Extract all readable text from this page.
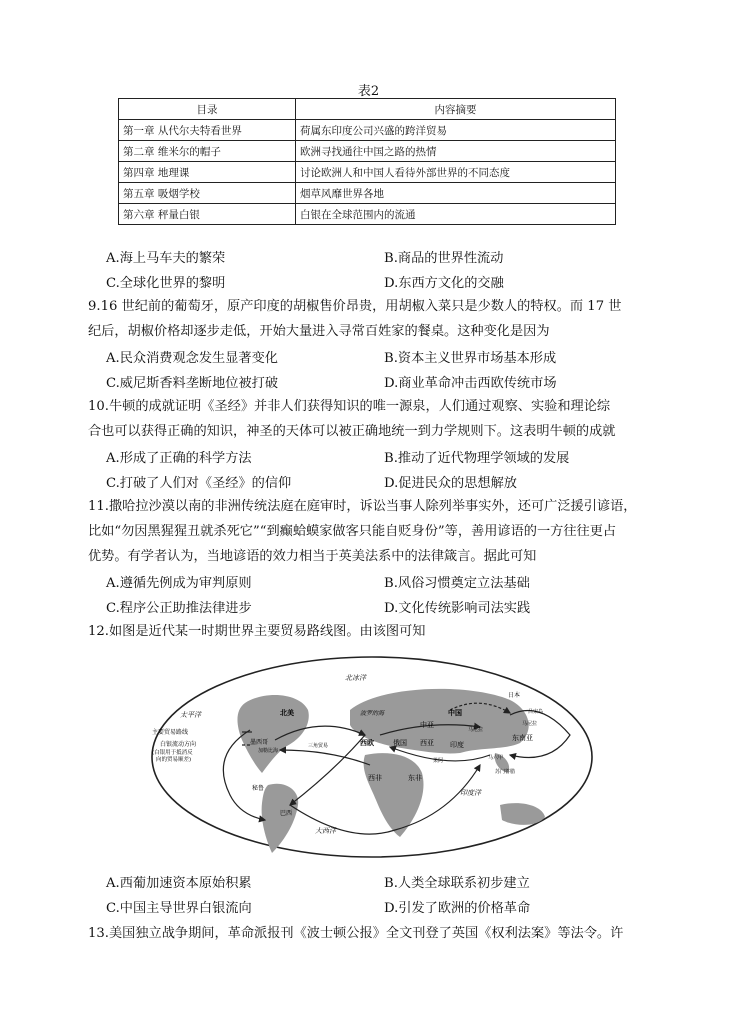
表2
目录	内容摘要
第一章 从代尔夫特看世界	荷属东印度公司兴盛的跨洋贸易
第二章 维米尔的帽子	欧洲寻找通往中国之路的热情
第四章 地理课	讨论欧洲人和中国人看待外部世界的不同态度
第五章 吸烟学校	烟草风靡世界各地
第六章 秤量白银	白银在全球范围内的流通
A.海上马车夫的繁荣	B.商品的世界性流动
C.全球化世界的黎明	D.东西方文化的交融
9.16 世纪前的葡萄牙，原产印度的胡椒售价昂贵，用胡椒入菜只是少数人的特权。而 17 世
纪后，胡椒价格却逐步走低，开始大量进入寻常百姓家的餐桌。这种变化是因为
A.民众消费观念发生显著变化	B.资本主义世界市场基本形成
C.威尼斯香料垄断地位被打破	D.商业革命冲击西欧传统市场
10.牛顿的成就证明《圣经》并非人们获得知识的唯一源泉，人们通过观察、实验和理论综
合也可以获得正确的知识，神圣的天体可以被正确地统一到力学规则下。这表明牛顿的成就
A.形成了正确的科学方法	B.推动了近代物理学领域的发展
C.打破了人们对《圣经》的信仰	D.促进民众的思想解放
11.撒哈拉沙漠以南的非洲传统法庭在庭审时，诉讼当事人除列举事实外，还可广泛援引谚语，
比如“勿因黑猩猩丑就杀死它”“到癫蛤蟆家做客只能自贬身份”等，善用谚语的一方往往更占
优势。有学者认为，当地谚语的效力相当于英美法系中的法律箴言。据此可知
A.遵循先例成为审判原则	B.风俗习惯奠定立法基础
C.程序公正助推法律进步	D.文化传统影响司法实践
12.如图是近代某一时期世界主要贸易路线图。由该图可知
主要贸易路线
白银流动方向
(白银用于抵消反
向的贸易顺差)
北冰洋
太平洋
大西洋
印度洋
北美
墨西哥
加勒比海
秘鲁
巴西
西欧	俄国
波罗的海
中亚
西亚
中国
日本
印度
东南亚
东非
西非
三角贸易
马尼拉
马尼拉
果阿	马六甲
苏门答腊
吕宋岛
A.西葡加速资本原始积累	B.人类全球联系初步建立
C.中国主导世界白银流向	D.引发了欧洲的价格革命
13.美国独立战争期间，革命派报刊《波士顿公报》全文刊登了英国《权利法案》等法令。许
